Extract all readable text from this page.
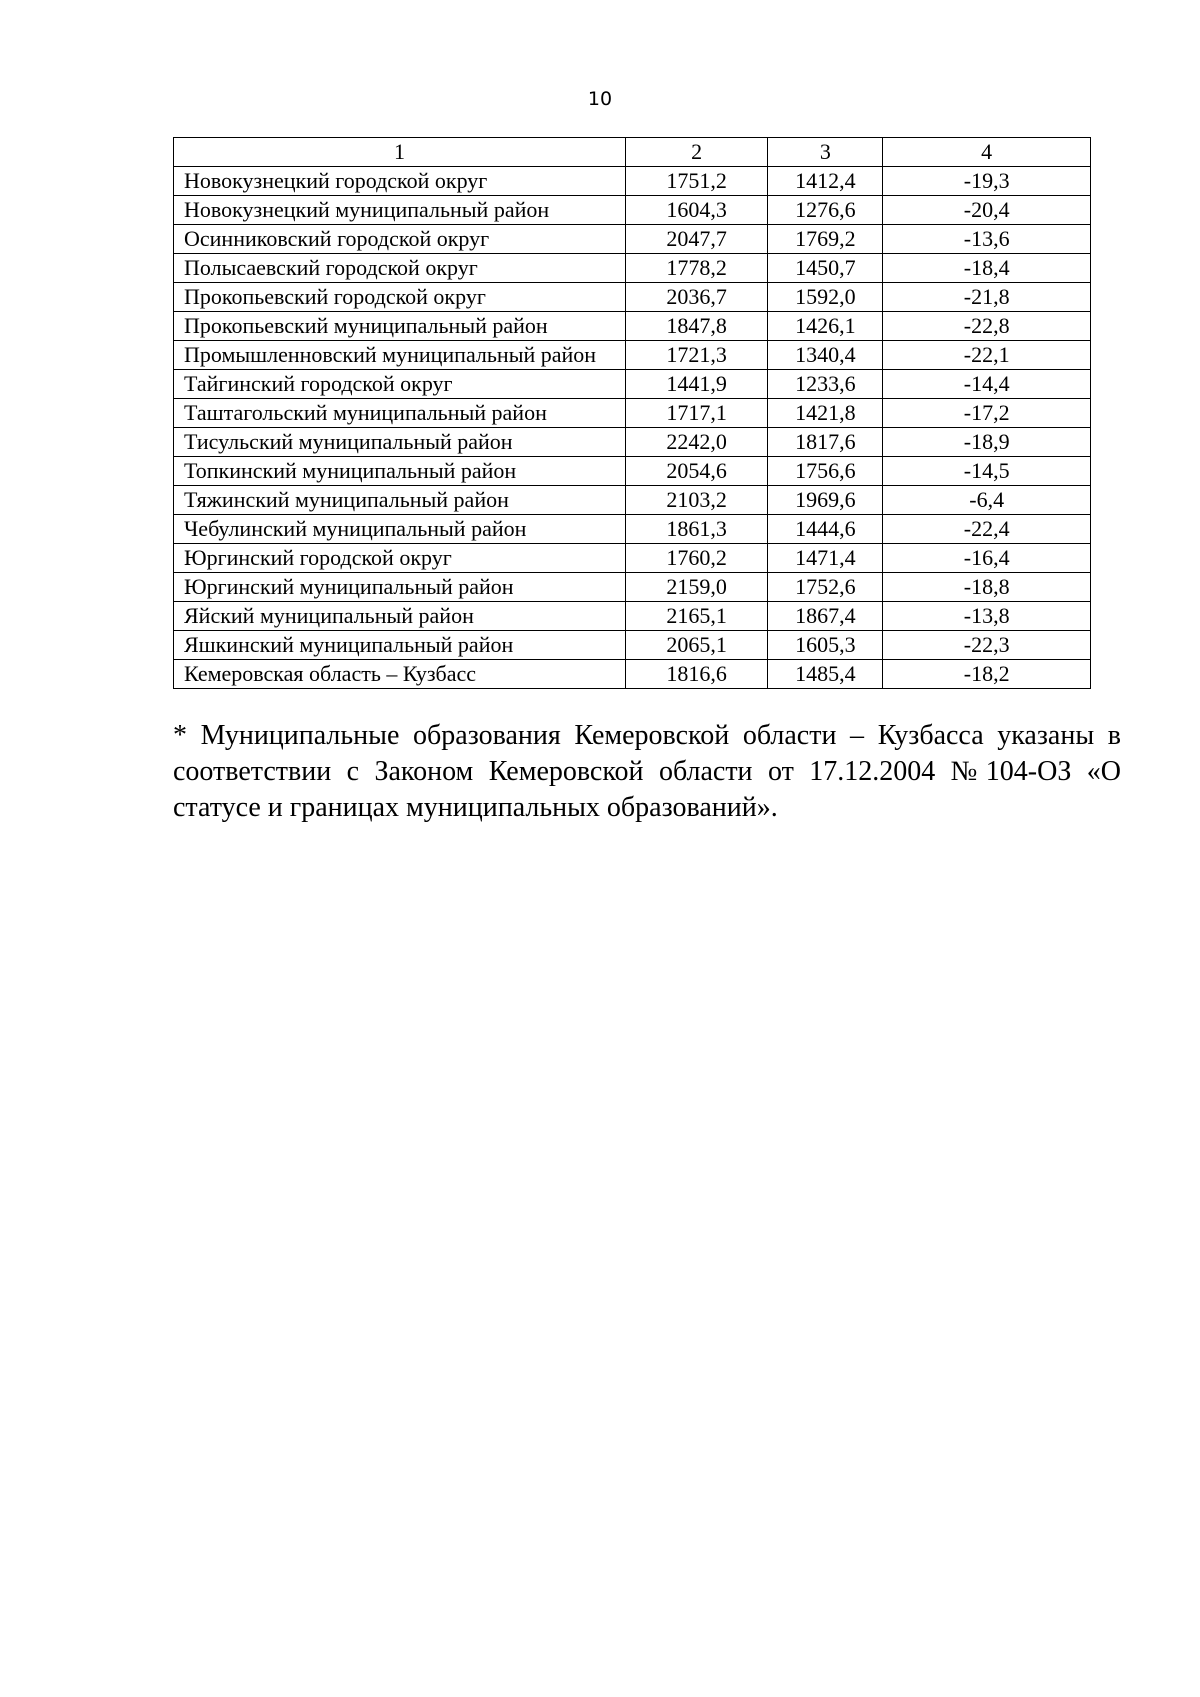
10
1	2	3	4
Новокузнецкий городской округ	1751,2	1412,4	-19,3
Новокузнецкий муниципальный район	1604,3	1276,6	-20,4
Осинниковский городской округ	2047,7	1769,2	-13,6
Полысаевский городской округ	1778,2	1450,7	-18,4
Прокопьевский городской округ	2036,7	1592,0	-21,8
Прокопьевский муниципальный район	1847,8	1426,1	-22,8
Промышленновский муниципальный район	1721,3	1340,4	-22,1
Тайгинский городской округ	1441,9	1233,6	-14,4
Таштагольский муниципальный район	1717,1	1421,8	-17,2
Тисульский муниципальный район	2242,0	1817,6	-18,9
Топкинский муниципальный район	2054,6	1756,6	-14,5
Тяжинский муниципальный район	2103,2	1969,6	-6,4
Чебулинский муниципальный район	1861,3	1444,6	-22,4
Юргинский городской округ	1760,2	1471,4	-16,4
Юргинский муниципальный район	2159,0	1752,6	-18,8
Яйский муниципальный район	2165,1	1867,4	-13,8
Яшкинский муниципальный район	2065,1	1605,3	-22,3
Кемеровская область – Кузбасс	1816,6	1485,4	-18,2
* Муниципальные образования Кемеровской области – Кузбасса указаны в соответствии с Законом Кемеровской области от 17.12.2004 №104-ОЗ «О статусе и границах муниципальных образований».
